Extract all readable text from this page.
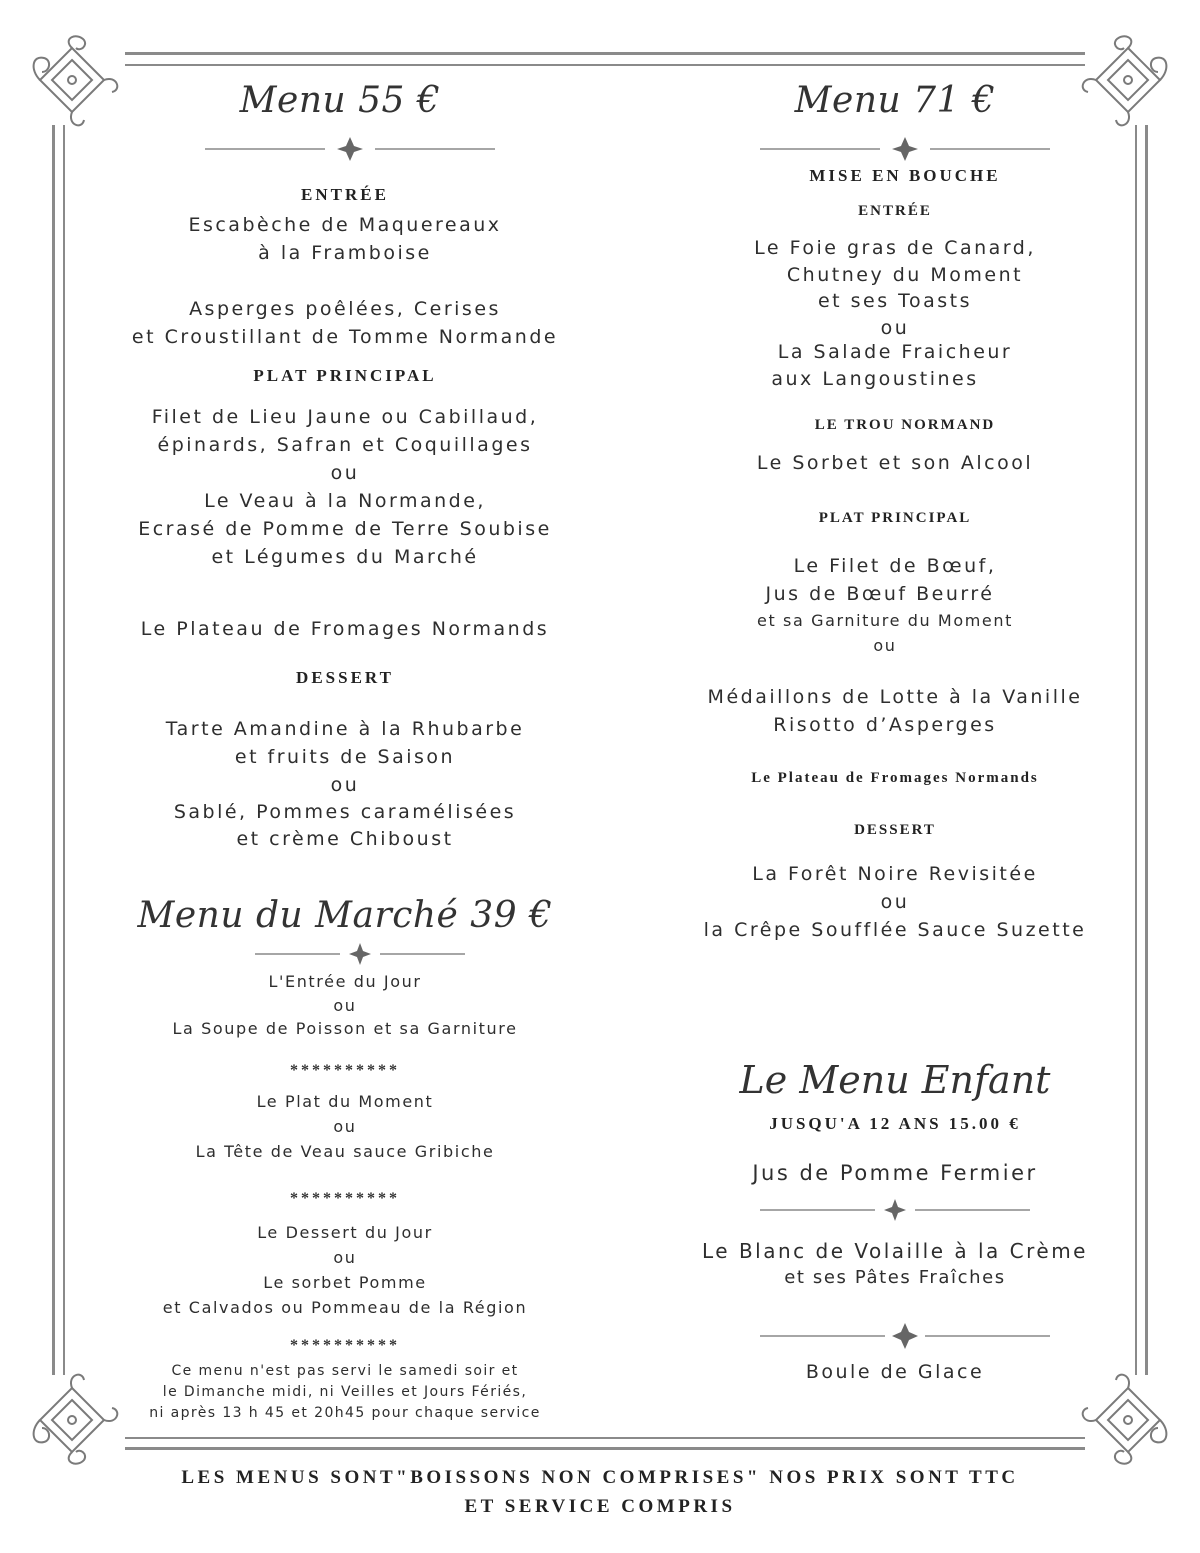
Menu 55 €
ENTRÉE
Escabèche de Maquereaux
à la Framboise
Asperges poêlées, Cerises
et Croustillant de Tomme Normande
PLAT PRINCIPAL
Filet de Lieu Jaune ou Cabillaud,
épinards, Safran et Coquillages
ou
Le Veau à la Normande,
Ecrasé de Pomme de Terre Soubise
et Légumes du Marché
Le Plateau de Fromages Normands
DESSERT
Tarte Amandine à la Rhubarbe
et fruits de Saison
ou
Sablé, Pommes caramélisées
et crème Chiboust
Menu du Marché 39 €
L'Entrée du Jour
ou
La Soupe de Poisson et sa Garniture
**********
Le Plat du Moment
ou
La Tête de Veau sauce Gribiche
**********
Le Dessert du Jour
ou
Le sorbet Pomme
et Calvados ou Pommeau de la Région
**********
Ce menu n'est pas servi le samedi soir et
le Dimanche midi, ni Veilles et Jours Fériés,
ni après 13 h 45 et 20h45 pour chaque service
Menu 71 €
MISE EN BOUCHE
ENTRÉE
Le Foie gras de Canard,
Chutney du Moment
et ses Toasts
ou
La Salade Fraicheur
aux Langoustines
LE TROU NORMAND
Le Sorbet et son Alcool
PLAT PRINCIPAL
Le Filet de Bœuf,
Jus de Bœuf Beurré
et sa Garniture du Moment
ou
Médaillons de Lotte à la Vanille
Risotto d’Asperges
Le Plateau de Fromages Normands
DESSERT
La Forêt Noire Revisitée
ou
la Crêpe Soufflée Sauce Suzette
Le Menu Enfant
JUSQU'A 12 ANS 15.00 €
Jus de Pomme Fermier
Le Blanc de Volaille à la Crème
et ses Pâtes Fraîches
Boule de Glace
LES MENUS SONT"BOISSONS NON COMPRISES" NOS PRIX SONT TTC
ET SERVICE COMPRIS
